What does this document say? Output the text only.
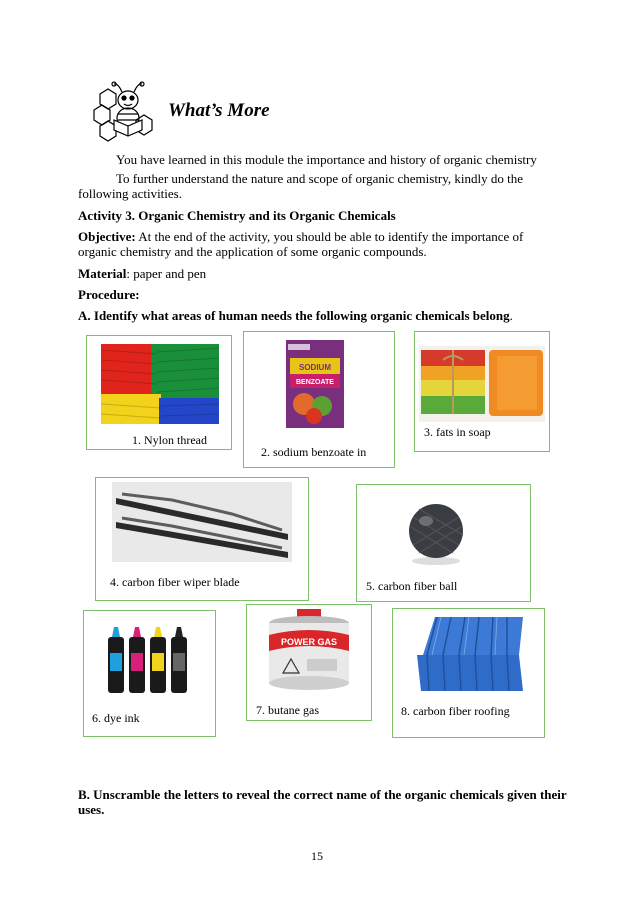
What’s More
You have learned in this module the importance and history of organic chemistry
To further understand the nature and scope of organic chemistry, kindly do the
following activities.
Activity 3. Organic Chemistry and its Organic Chemicals
Objective: At the end of the activity, you should be able to identify the importance of
organic chemistry and the application of some organic compounds.
Material: paper and pen
Procedure:
A. Identify what areas of human needs the following organic chemicals belong.
1. Nylon thread
SODIUM
BENZOATE
2. sodium benzoate in
3. fats in soap
4. carbon fiber wiper blade	5. carbon fiber ball
6. dye ink
POWER GAS
7. butane gas	8. carbon fiber roofing
B. Unscramble the letters to reveal the correct name of the organic chemicals given their
uses.
15
